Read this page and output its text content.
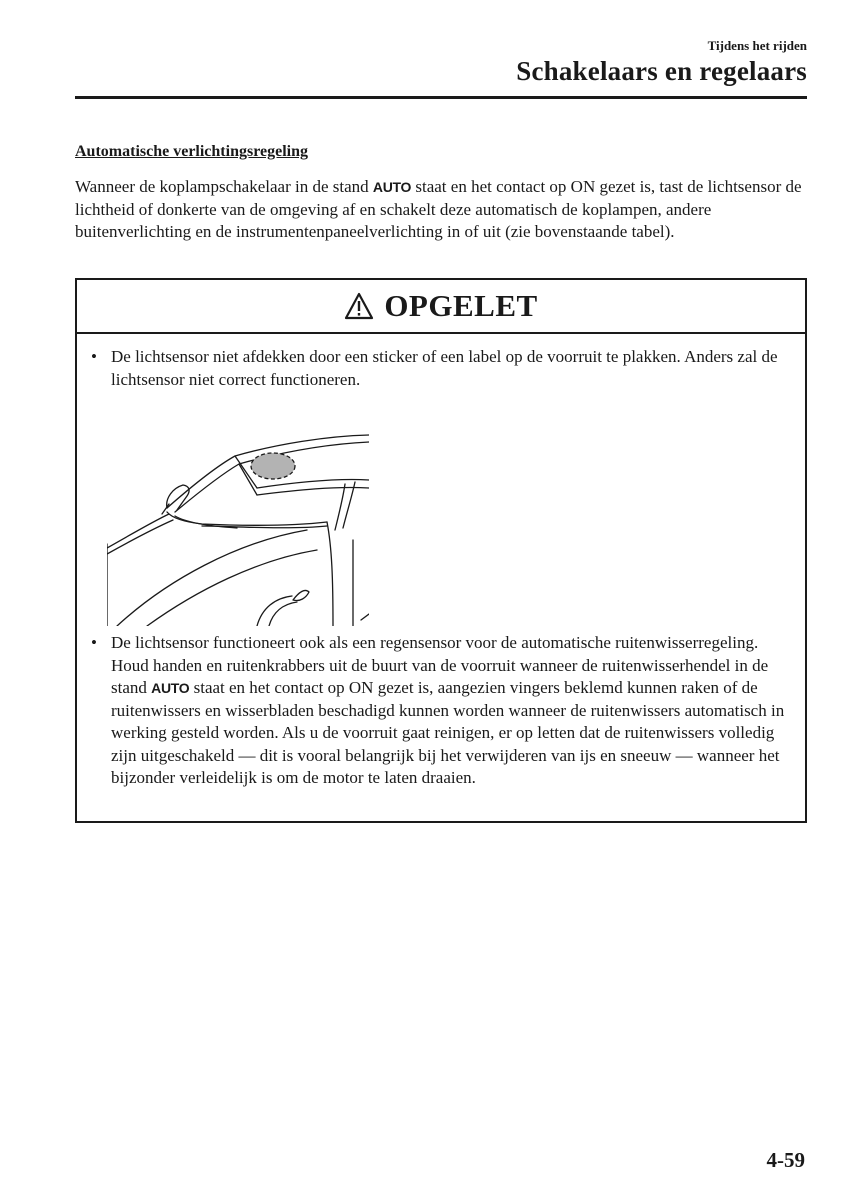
Tijdens het rijden
Schakelaars en regelaars
Automatische verlichtingsregeling
Wanneer de koplampschakelaar in de stand AUTO staat en het contact op ON gezet is, tast de lichtsensor de lichtheid of donkerte van de omgeving af en schakelt deze automatisch de koplampen, andere buitenverlichting en de instrumentenpaneelverlichting in of uit (zie bovenstaande tabel).
OPGELET
• De lichtsensor niet afdekken door een sticker of een label op de voorruit te plakken. Anders zal de lichtsensor niet correct functioneren.
• De lichtsensor functioneert ook als een regensensor voor de automatische ruitenwisserregeling. Houd handen en ruitenkrabbers uit de buurt van de voorruit wanneer de ruitenwisserhendel in de stand AUTO staat en het contact op ON gezet is, aangezien vingers beklemd kunnen raken of de ruitenwissers en wisserbladen beschadigd kunnen worden wanneer de ruitenwissers automatisch in werking gesteld worden. Als u de voorruit gaat reinigen, er op letten dat de ruitenwissers volledig zijn uitgeschakeld — dit is vooral belangrijk bij het verwijderen van ijs en sneeuw — wanneer het bijzonder verleidelijk is om de motor te laten draaien.
4-59
